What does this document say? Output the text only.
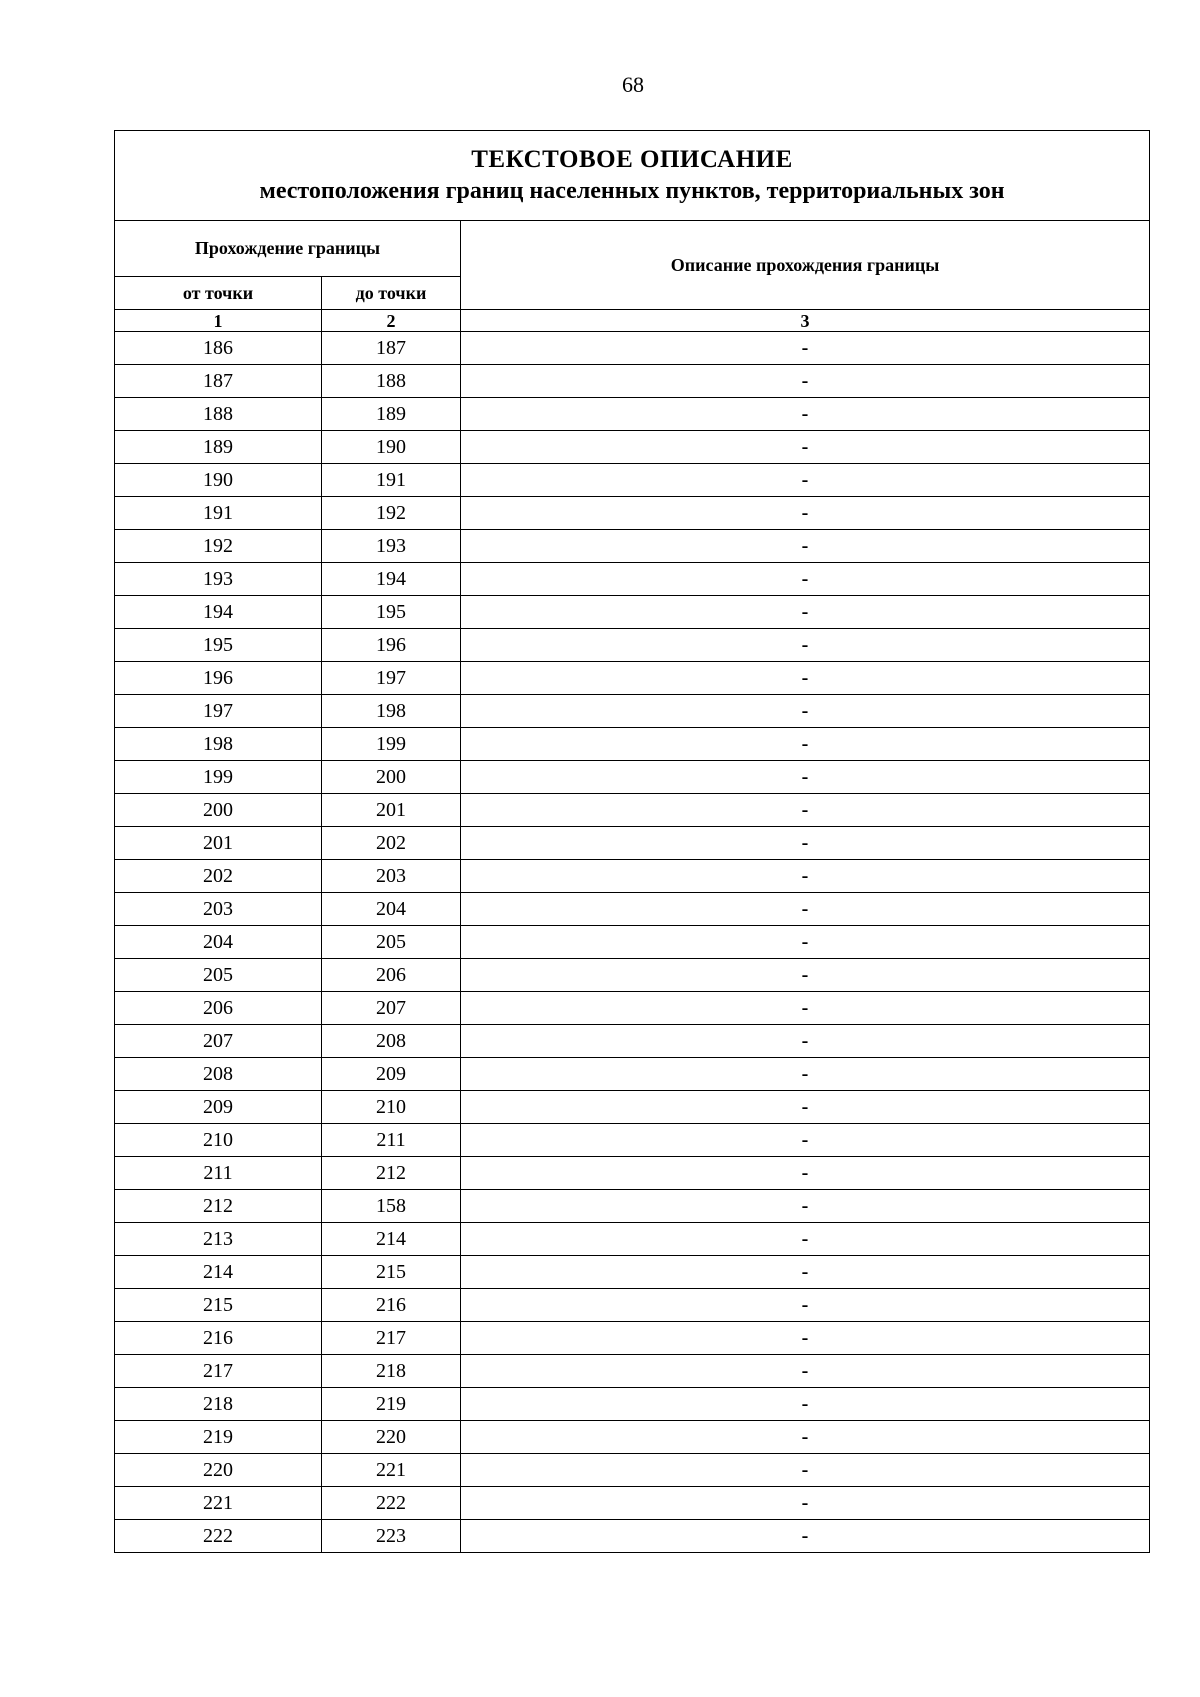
68
ТЕКСТОВОЕ ОПИСАНИЕ
местоположения границ населенных пунктов, территориальных зон		

Прохождение границы		Описание прохождения границы
от точки	до точки	
1	2	3
186	187	-
187	188	-
188	189	-
189	190	-
190	191	-
191	192	-
192	193	-
193	194	-
194	195	-
195	196	-
196	197	-
197	198	-
198	199	-
199	200	-
200	201	-
201	202	-
202	203	-
203	204	-
204	205	-
205	206	-
206	207	-
207	208	-
208	209	-
209	210	-
210	211	-
211	212	-
212	158	-
213	214	-
214	215	-
215	216	-
216	217	-
217	218	-
218	219	-
219	220	-
220	221	-
221	222	-
222	223	-
